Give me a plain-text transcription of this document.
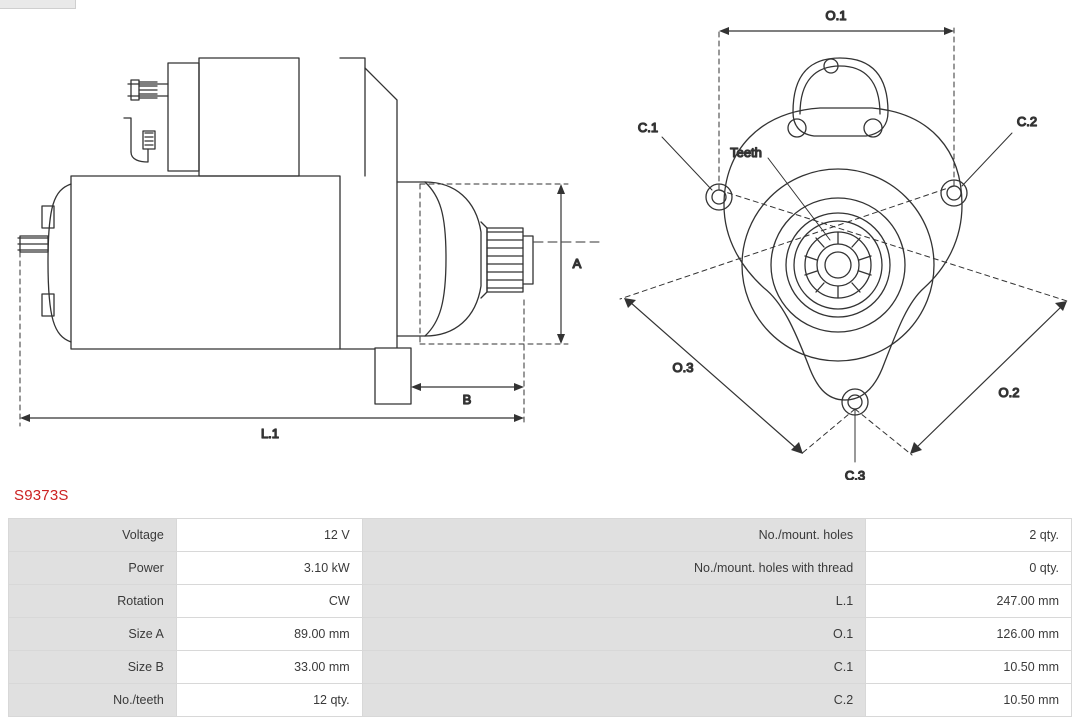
A
B
L.1
Teeth
C.1	C.2
C.3
O.1
O.2
O.3
S9373S
Voltage	12 V	No./mount. holes	2 qty.
Power	3.10 kW	No./mount. holes with thread	0 qty.
Rotation	CW	L.1	247.00 mm
Size A	89.00 mm	O.1	126.00 mm
Size B	33.00 mm	C.1	10.50 mm
No./teeth	12 qty.	C.2	10.50 mm
